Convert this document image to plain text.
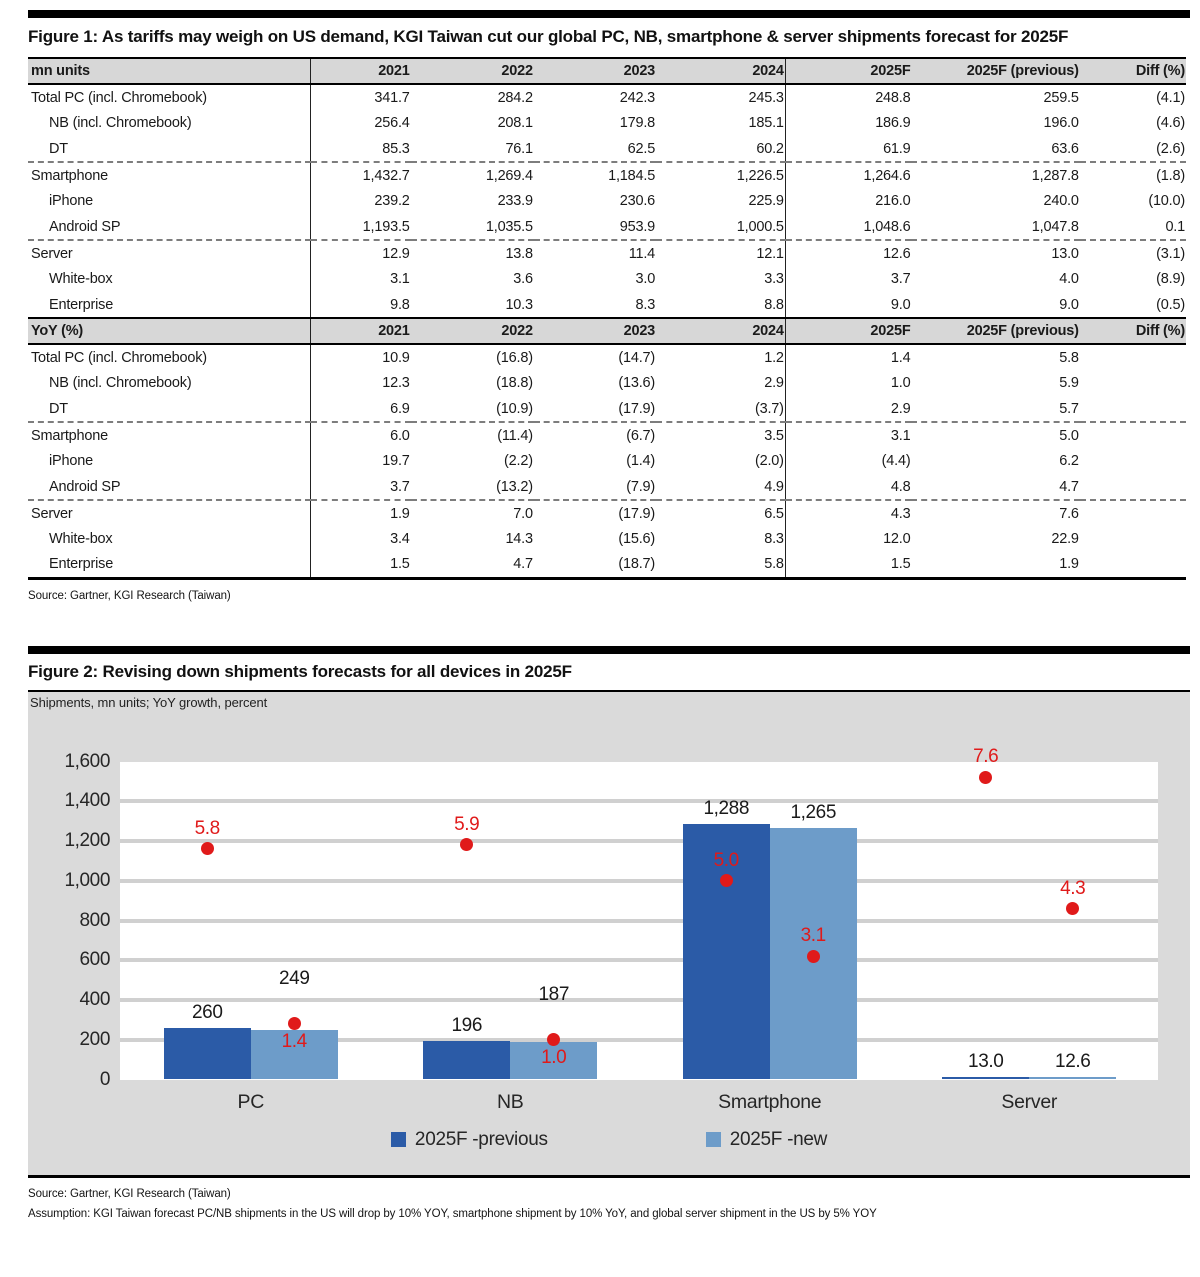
Figure 1: As tariffs may weigh on US demand, KGI Taiwan cut our global PC, NB, smartphone & server shipments forecast for 2025F
mn units	2021	2022	2023	2024	2025F	2025F (previous)	Diff (%)
Total PC (incl. Chromebook)	341.7	284.2	242.3	245.3	248.8	259.5	(4.1)
NB (incl. Chromebook)	256.4	208.1	179.8	185.1	186.9	196.0	(4.6)
DT	85.3	76.1	62.5	60.2	61.9	63.6	(2.6)
Smartphone	1,432.7	1,269.4	1,184.5	1,226.5	1,264.6	1,287.8	(1.8)
iPhone	239.2	233.9	230.6	225.9	216.0	240.0	(10.0)
Android SP	1,193.5	1,035.5	953.9	1,000.5	1,048.6	1,047.8	0.1
Server	12.9	13.8	11.4	12.1	12.6	13.0	(3.1)
White-box	3.1	3.6	3.0	3.3	3.7	4.0	(8.9)
Enterprise	9.8	10.3	8.3	8.8	9.0	9.0	(0.5)
YoY (%)	2021	2022	2023	2024	2025F	2025F (previous)	Diff (%)
Total PC (incl. Chromebook)	10.9	(16.8)	(14.7)	1.2	1.4	5.8	
NB (incl. Chromebook)	12.3	(18.8)	(13.6)	2.9	1.0	5.9	
DT	6.9	(10.9)	(17.9)	(3.7)	2.9	5.7	
Smartphone	6.0	(11.4)	(6.7)	3.5	3.1	5.0	
iPhone	19.7	(2.2)	(1.4)	(2.0)	(4.4)	6.2	
Android SP	3.7	(13.2)	(7.9)	4.9	4.8	4.7	
Server	1.9	7.0	(17.9)	6.5	4.3	7.6	
White-box	3.4	14.3	(15.6)	8.3	12.0	22.9	
Enterprise	1.5	4.7	(18.7)	5.8	1.5	1.9	
Source: Gartner, KGI Research (Taiwan)
Figure 2: Revising down shipments forecasts for all devices in 2025F
Shipments, mn units; YoY growth, percent
0
200
400
600
800
1,000
1,200
1,400
1,600
260
5.8
249
1.4
PC
196
5.9
187
1.0
NB
1,288
5.0
1,265
3.1
Smartphone
13.0
7.6
12.6
4.3
Server
2025F -previous	2025F -new
Source: Gartner, KGI Research (Taiwan)
Assumption: KGI Taiwan forecast PC/NB shipments in the US will drop by 10% YOY, smartphone shipment by 10% YoY, and global server shipment in the US by 5% YOY
